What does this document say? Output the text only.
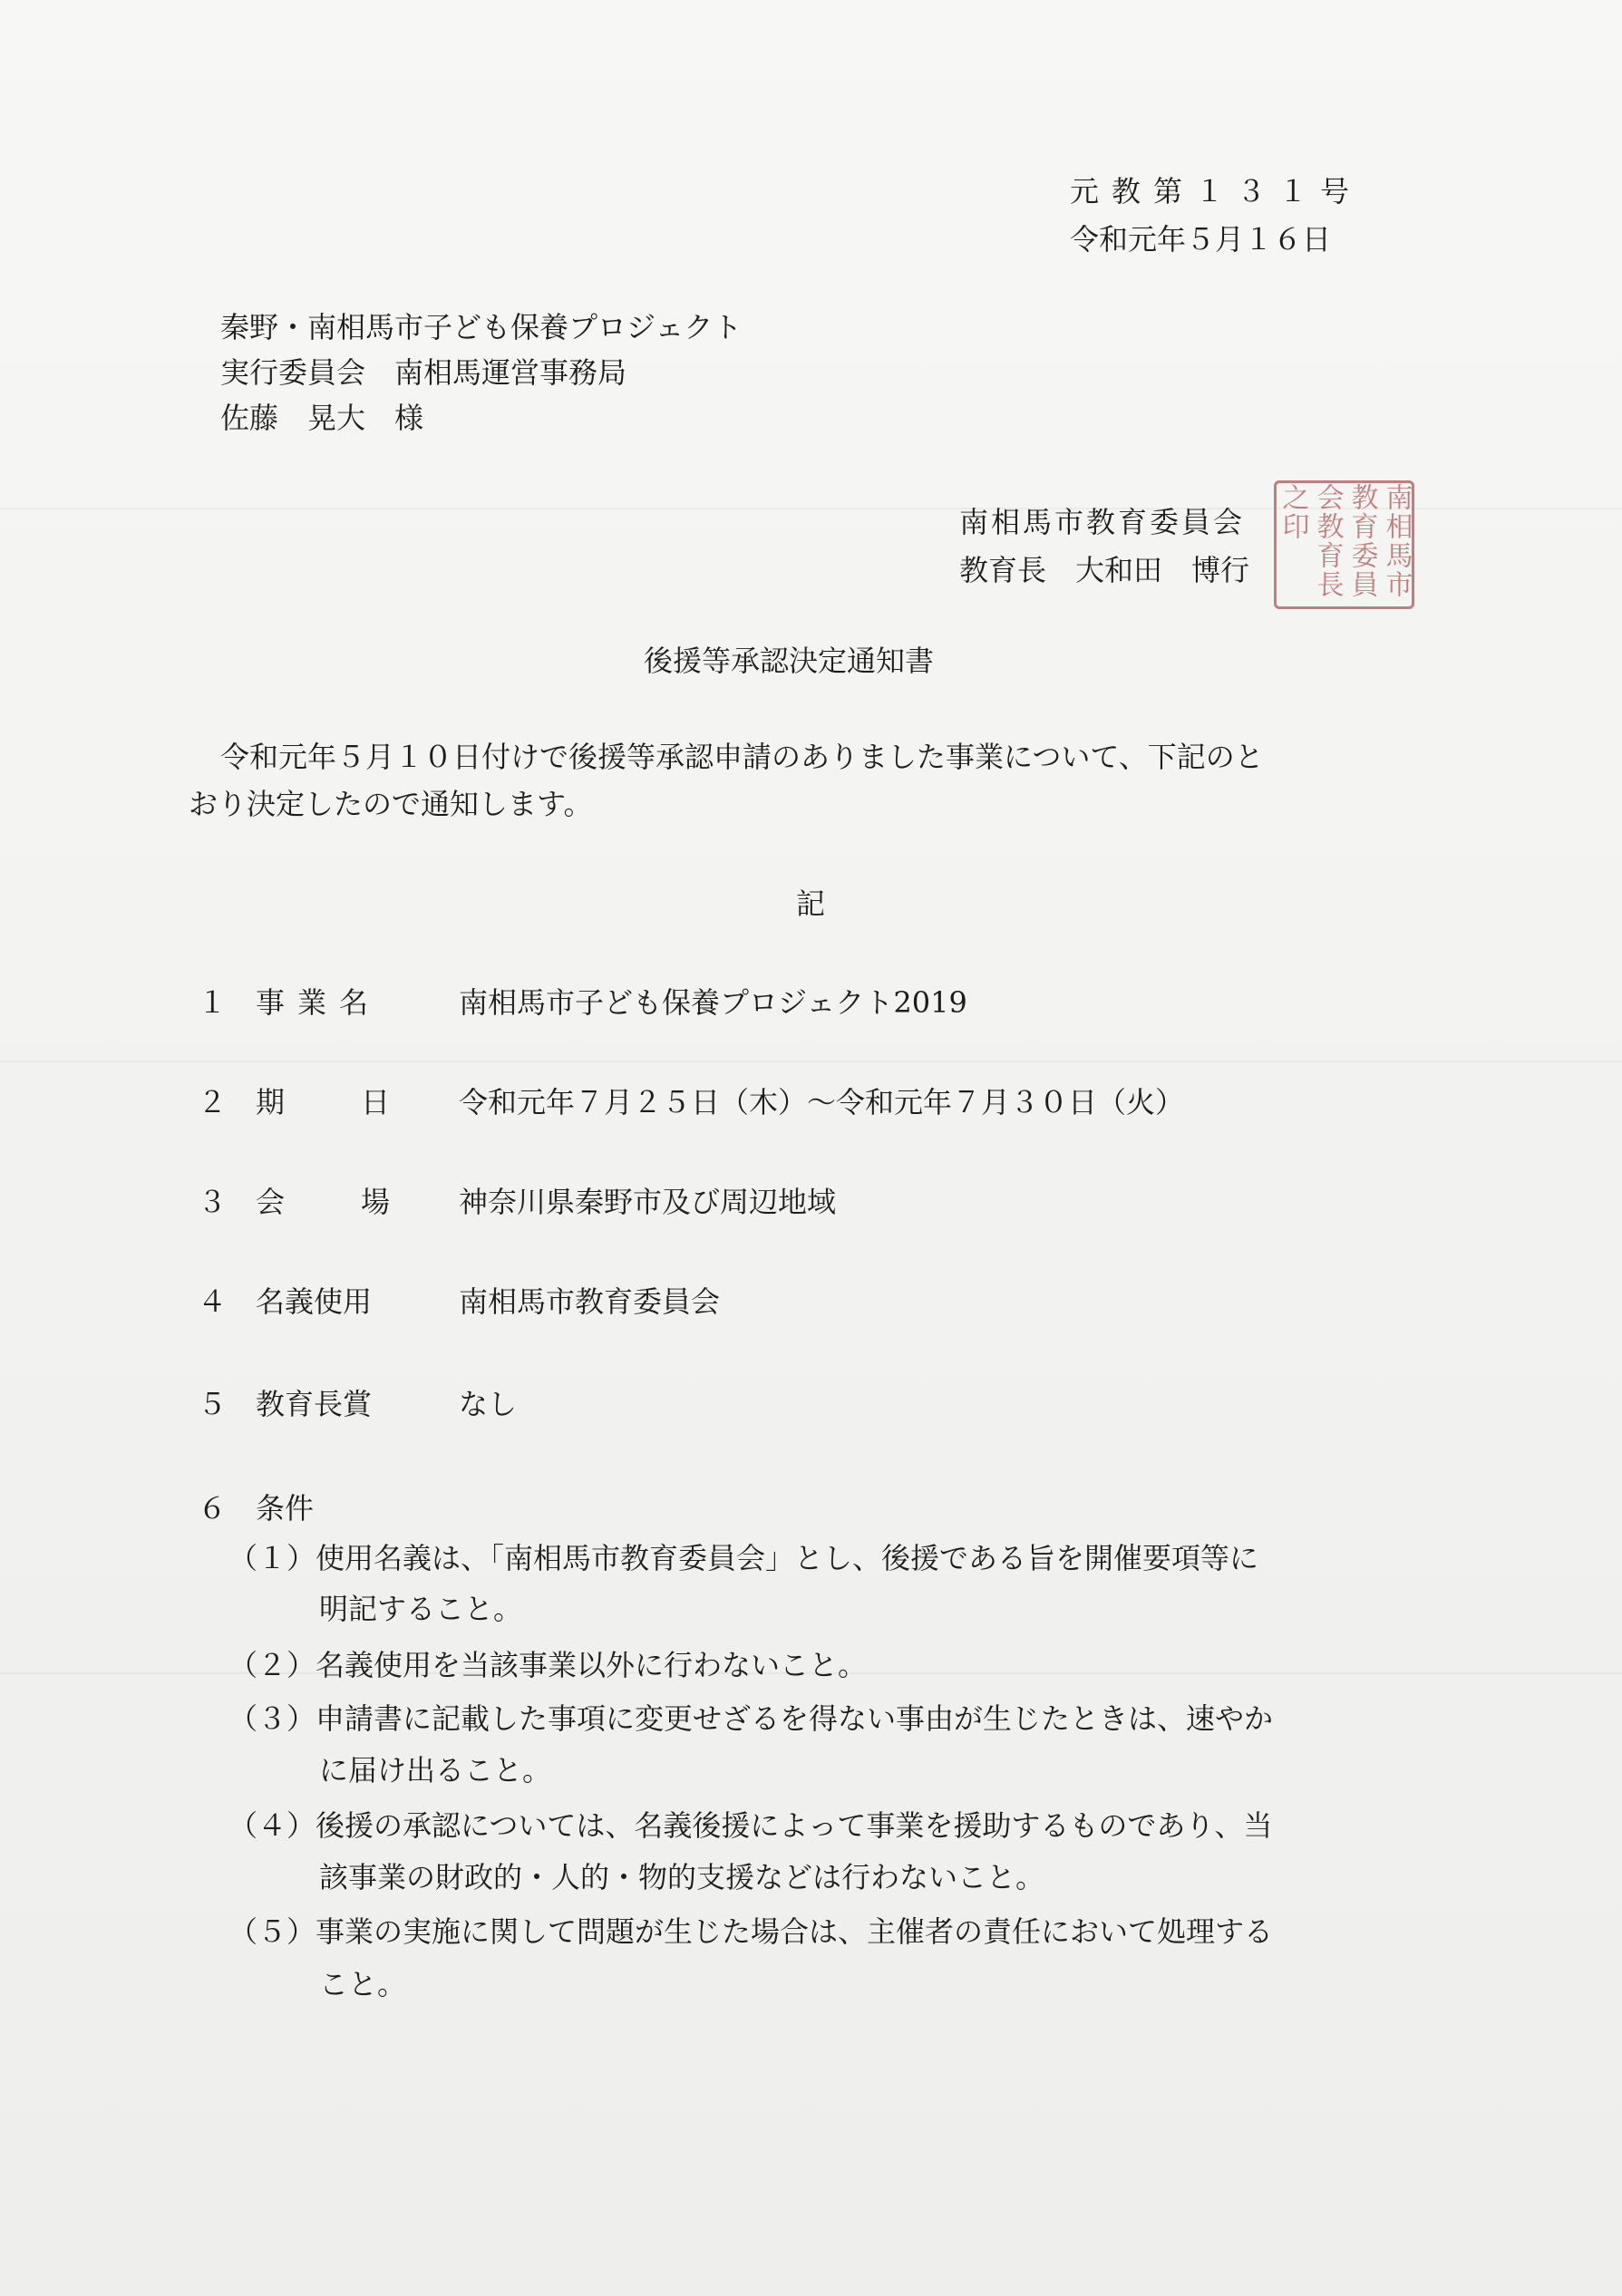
元教第１３１号
令和元年５月１６日
秦野・南相馬市子ども保養プロジェクト
実行委員会　南相馬運営事務局
佐藤　晃大　様
南相馬市教育委員会
教育長　大和田　博行	南相馬市教育委員会教育長之印
後援等承認決定通知書
令和元年５月１０日付けで後援等承認申請のありました事業について、下記のと
おり決定したので通知します。
記
１ 事業名	南相馬市子ども保養プロジェクト2019
２ 期　日 令和元年７月２５日（木）～令和元年７月３０日（火）
３ 会　場 神奈川県秦野市及び周辺地域
４ 名義使用	南相馬市教育委員会
５ 教育長賞	なし
６ 条件
（１）使用名義は、「南相馬市教育委員会」とし、後援である旨を開催要項等に
明記すること。
（２）名義使用を当該事業以外に行わないこと。
（３）申請書に記載した事項に変更せざるを得ない事由が生じたときは、速やか
に届け出ること。
（４）後援の承認については、名義後援によって事業を援助するものであり、当
該事業の財政的・人的・物的支援などは行わないこと。
（５）事業の実施に関して問題が生じた場合は、主催者の責任において処理する
こと。
